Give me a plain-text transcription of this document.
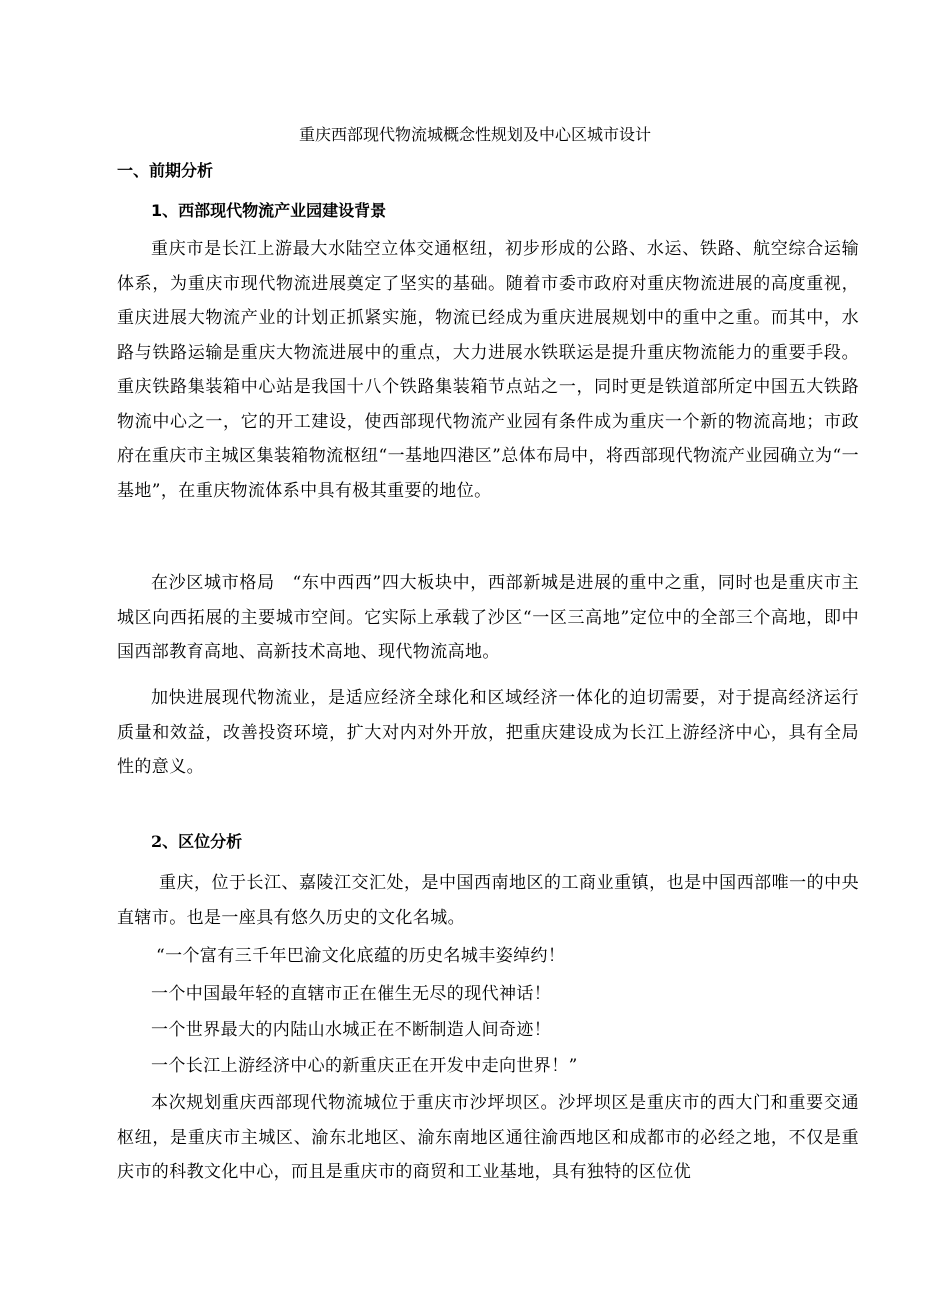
重庆西部现代物流城概念性规划及中心区城市设计
一、前期分析
1、西部现代物流产业园建设背景

重庆市是长江上游最大水陆空立体交通枢纽，初步形成的公路、水运、铁路、航空综合运输体系，为重庆市现代物流进展奠定了坚实的基础。随着市委市政府对重庆物流进展的高度重视，重庆进展大物流产业的计划正抓紧实施，物流已经成为重庆进展规划中的重中之重。而其中，水路与铁路运输是重庆大物流进展中的重点，大力进展水铁联运是提升重庆物流能力的重要手段。重庆铁路集装箱中心站是我国十八个铁路集装箱节点站之一，同时更是铁道部所定中国五大铁路物流中心之一，它的开工建设，使西部现代物流产业园有条件成为重庆一个新的物流高地；市政府在重庆市主城区集装箱物流枢纽“一基地四港区”总体布局中，将西部现代物流产业园确立为“一基地”，在重庆物流体系中具有极其重要的地位。

在沙区城市格局　“东中西西”四大板块中，西部新城是进展的重中之重，同时也是重庆市主城区向西拓展的主要城市空间。它实际上承载了沙区“一区三高地”定位中的全部三个高地，即中国西部教育高地、高新技术高地、现代物流高地。

加快进展现代物流业，是适应经济全球化和区域经济一体化的迫切需要，对于提高经济运行质量和效益，改善投资环境，扩大对内对外开放，把重庆建设成为长江上游经济中心，具有全局性的意义。

2、区位分析

重庆，位于长江、嘉陵江交汇处，是中国西南地区的工商业重镇，也是中国西部唯一的中央直辖市。也是一座具有悠久历史的文化名城。

“一个富有三千年巴渝文化底蕴的历史名城丰姿绰约！

一个中国最年轻的直辖市正在催生无尽的现代神话！

一个世界最大的内陆山水城正在不断制造人间奇迹！

一个长江上游经济中心的新重庆正在开发中走向世界！”

本次规划重庆西部现代物流城位于重庆市沙坪坝区。沙坪坝区是重庆市的西大门和重要交通枢纽，是重庆市主城区、渝东北地区、渝东南地区通往渝西地区和成都市的必经之地，不仅是重庆市的科教文化中心，而且是重庆市的商贸和工业基地，具有独特的区位优
